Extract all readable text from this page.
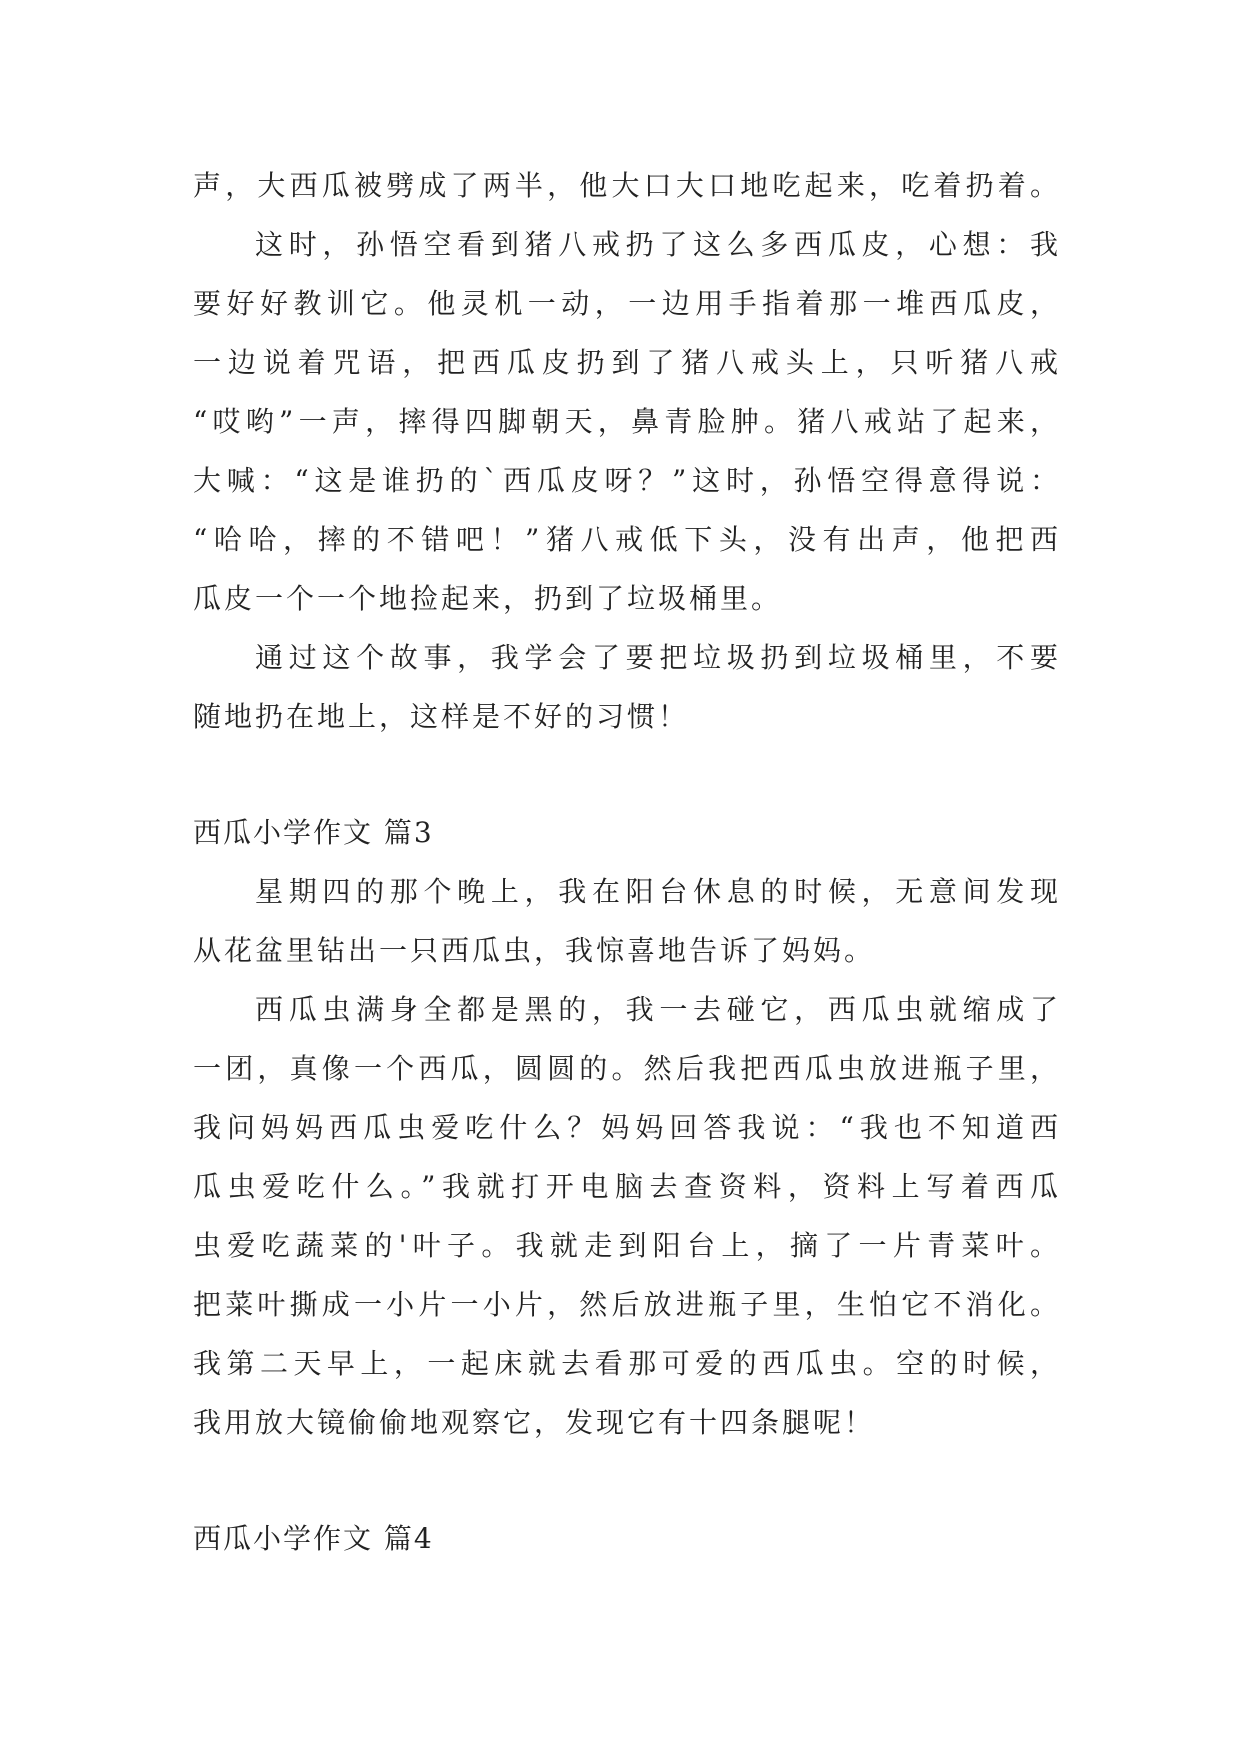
声，大西瓜被劈成了两半，他大口大口地吃起来，吃着扔着。
这时，孙悟空看到猪八戒扔了这么多西瓜皮，心想：我
要好好教训它。他灵机一动，一边用手指着那一堆西瓜皮，
一边说着咒语，把西瓜皮扔到了猪八戒头上，只听猪八戒
“哎哟”一声，摔得四脚朝天，鼻青脸肿。猪八戒站了起来，
大喊：“这是谁扔的`西瓜皮呀？”这时，孙悟空得意得说：
“哈哈，摔的不错吧！”猪八戒低下头，没有出声，他把西
瓜皮一个一个地捡起来，扔到了垃圾桶里。
通过这个故事，我学会了要把垃圾扔到垃圾桶里，不要
随地扔在地上，这样是不好的习惯！
西瓜小学作文 篇3
星期四的那个晚上，我在阳台休息的时候，无意间发现
从花盆里钻出一只西瓜虫，我惊喜地告诉了妈妈。
西瓜虫满身全都是黑的，我一去碰它，西瓜虫就缩成了
一团，真像一个西瓜，圆圆的。然后我把西瓜虫放进瓶子里，
我问妈妈西瓜虫爱吃什么？妈妈回答我说：“我也不知道西
瓜虫爱吃什么。”我就打开电脑去查资料，资料上写着西瓜
虫爱吃蔬菜的'叶子。我就走到阳台上，摘了一片青菜叶。
把菜叶撕成一小片一小片，然后放进瓶子里，生怕它不消化。
我第二天早上，一起床就去看那可爱的西瓜虫。空的时候，
我用放大镜偷偷地观察它，发现它有十四条腿呢！
西瓜小学作文 篇4
